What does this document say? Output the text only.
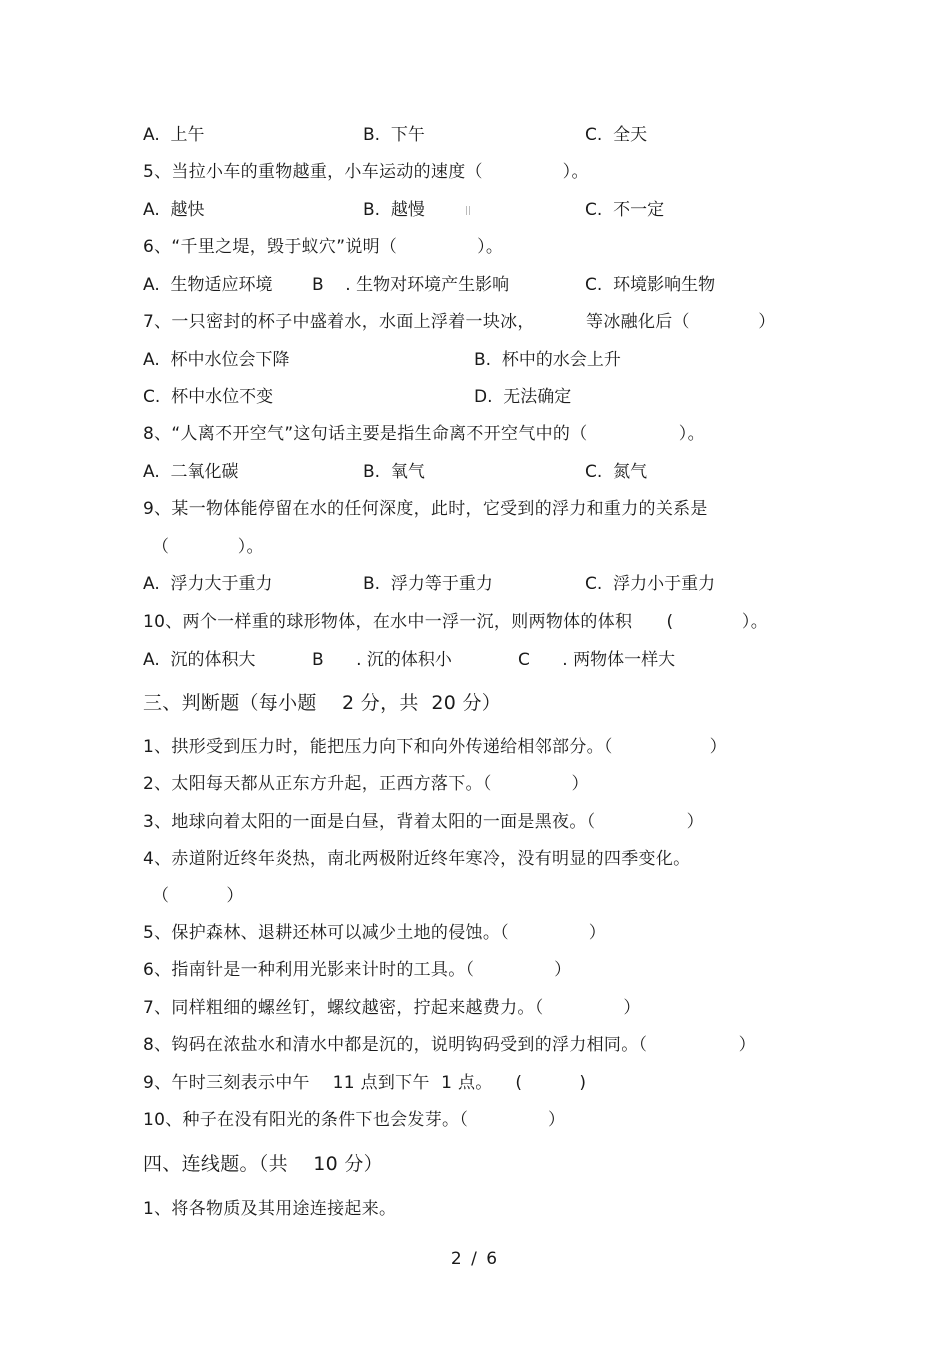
A.  上午	B.  下午	C.  全天
5、当拉小车的重物越重，小车运动的速度（              ）。
A.  越快	B.  越慢	C.  不一定
6、“千里之堤，毁于蚁穴”说明（              ）。
A.  生物适应环境 B    . 生物对环境产生影响	C.  环境影响生物
7、一只密封的杯子中盛着水，水面上浮着一块冰，         等冰融化后（            ）
A.  杯中水位会下降	B.  杯中的水会上升
C.  杯中水位不变	D.  无法确定
8、“人离不开空气”这句话主要是指生命离不开空气中的（                ）。
A.  二氧化碳	B.  氧气	C.  氮气
9、某一物体能停留在水的任何深度，此时，它受到的浮力和重力的关系是
（            ）。
A.  浮力大于重力	B.  浮力等于重力	C.  浮力小于重力
10、两个一样重的球形物体，在水中一浮一沉，则两物体的体积      (            ）。
A.  沉的体积大	B      . 沉的体积小	C      . 两物体一样大
三、判断题（每小题    2 分，共  20 分）
1、拱形受到压力时，能把压力向下和向外传递给相邻部分。（                 ）
2、太阳每天都从正东方升起，正西方落下。（              ）
3、地球向着太阳的一面是白昼，背着太阳的一面是黑夜。（                ）
4、赤道附近终年炎热，南北两极附近终年寒冷，没有明显的四季变化。
（          ）
5、保护森林、退耕还林可以减少土地的侵蚀。（              ）
6、指南针是一种利用光影来计时的工具。（              ）
7、同样粗细的螺丝钉，螺纹越密，拧起来越费力。（              ）
8、钩码在浓盐水和清水中都是沉的，说明钩码受到的浮力相同。（                ）
9、午时三刻表示中午    11 点到下午  1 点。    (          )
10、种子在没有阳光的条件下也会发芽。（              ）
四、连线题。（共    10 分）
1、将各物质及其用途连接起来。
2 / 6
